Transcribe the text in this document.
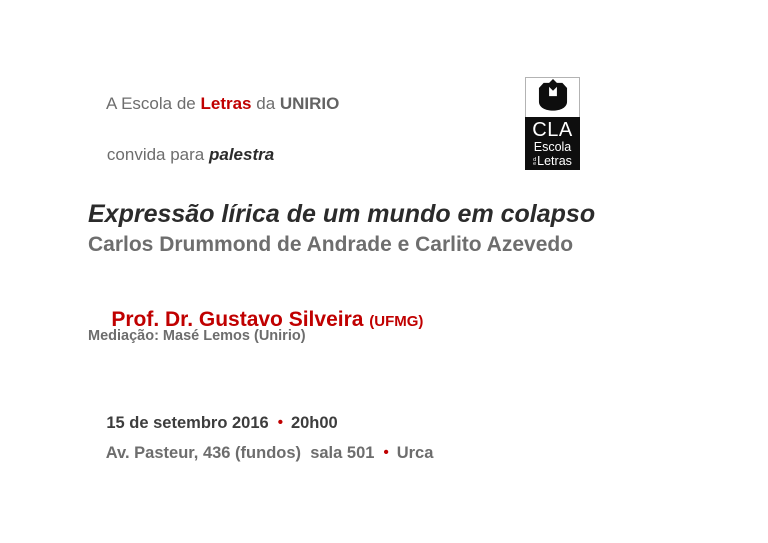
A Escola de Letras da UNIRIO

convida para palestra

CLA
Escola
d
e Letras
Expressão lírica de um mundo em colapso
Carlos Drummond de Andrade e Carlito Azevedo

Prof. Dr. Gustavo Silveira (UFMG)

Mediação: Masé Lemos (Unirio)

15 de setembro 2016 • 20h00

Av. Pasteur, 436 (fundos)  sala 501 • Urca
